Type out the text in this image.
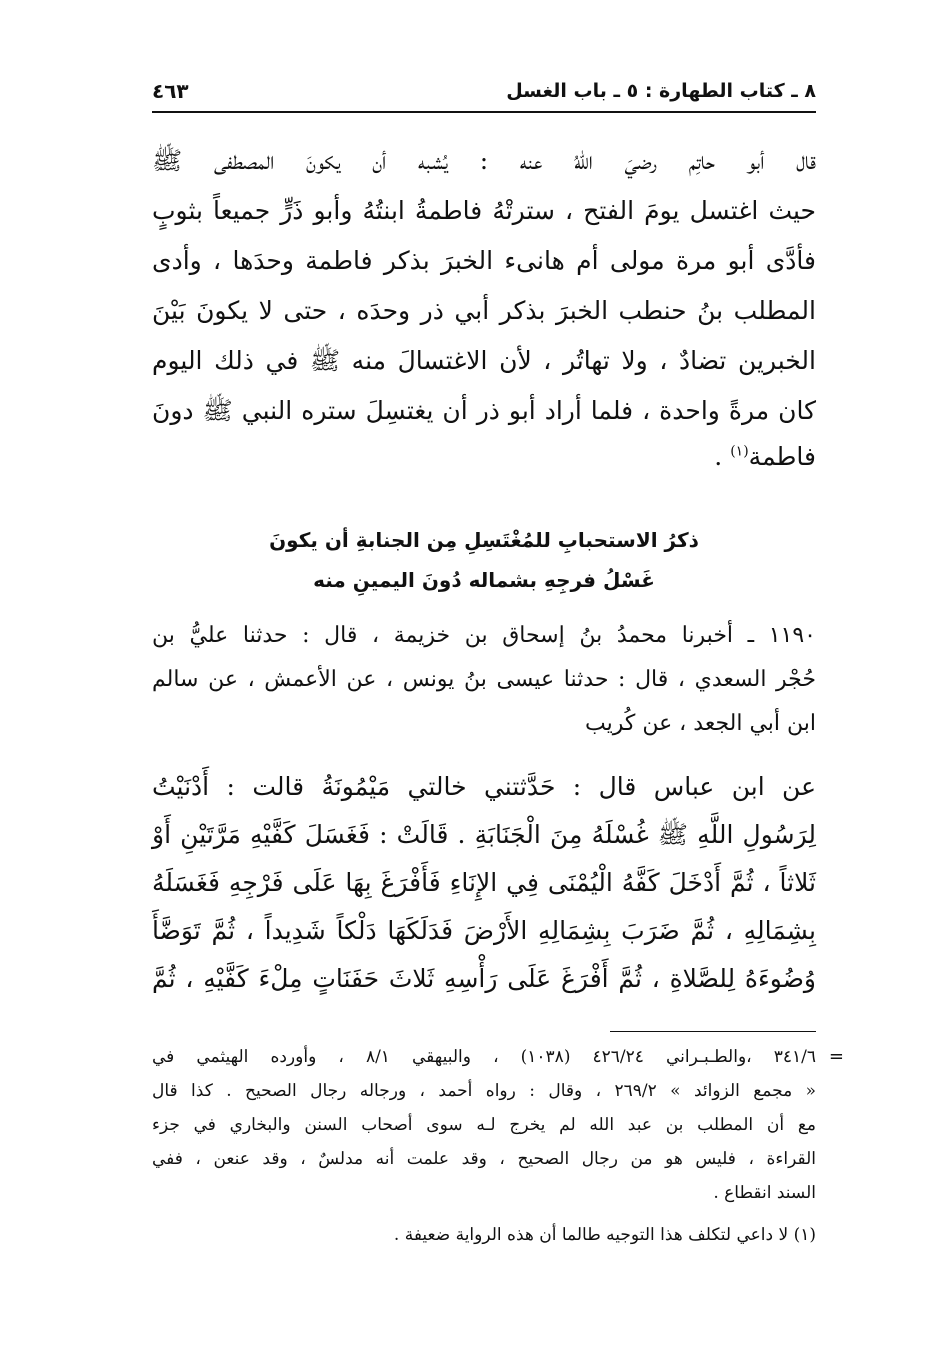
٨ ـ كتاب الطهارة : ٥ ـ باب الغسل
٤٦٣
قال أبو حاتِم رضيَ اللّهُ عنه : يُشبه أن يكونَ المصطفى ﷺ
حيث اغتسل يومَ الفتح ، سترتْهُ فاطمةُ ابنتُهُ وأبو ذَرٍّ جميعاً بثوبٍ
فأدَّى أبو مرة مولى أم هانىء الخبرَ بذكر فاطمة وحدَها ، وأدى
المطلب بنُ حنطب الخبرَ بذكر أبي ذر وحدَه ، حتى لا يكونَ بَيْنَ
الخبرين تضادٌ ، ولا تهاتُر ، لأن الاغتسالَ منه ﷺ في ذلك اليوم
كان مرةً واحدة ، فلما أراد أبو ذر أن يغتسِلَ ستره النبي ﷺ دونَ
فاطمة$^{(١)}$ .
ذكرُ الاستحبابِ للمُغْتَسِلِ مِن الجنابةِ أن يكونَ
غَسْلُ فرجِهِ بشماله دُونَ اليمينِ منه
١١٩٠ ـ أخبرنا محمدُ بنُ إسحاق بن خزيمة ، قال : حدثنا عليُّ بن
حُجْر السعدي ، قال : حدثنا عيسى بنُ يونس ، عن الأعمش ، عن سالم
ابن أبي الجعد ، عن كُريب
عن ابن عباس قال : حَدَّثتني خالتي مَيْمُونَةُ قالت : أَدْنَيْتُ
لِرَسُولِ اللَّهِ ﷺ غُسْلَهُ مِنَ الْجَنَابَةِ . قَالَتْ : فَغَسَلَ كَفَّيْهِ مَرَّتَيْنِ أَوْ
ثَلاثاً ، ثُمَّ أَدْخَلَ كَفَّهُ الْيُمْنَى فِي الإِنَاءِ فَأَفْرَغَ بِهَا عَلَى فَرْجِهِ فَغَسَلَهُ
بِشِمَالِهِ ، ثُمَّ ضَرَبَ بِشِمَالِهِ الأَرْضَ فَدَلَكَهَا دَلْكاً شَدِيداً ، ثُمَّ تَوَضَّأَ
وُضُوءَهُ لِلصَّلاةِ ، ثُمَّ أَفْرَغَ عَلَى رَأْسِهِ ثَلاثَ حَفَنَاتٍ مِلْءَ كَفَّيْهِ ، ثُمَّ
=
٣٤١/٦ ،والطـبـراني ٤٢٦/٢٤ (١٠٣٨) ، والبيهقي ٨/١ ، وأورده الهيثمي في
« مجمع الزوائد » ٢٦٩/٢ ، وقال : رواه أحمد ، ورجاله رجال الصحيح . كذا قال
مع أن المطلب بن عبد الله لم يخرج لـه سوى أصحاب السنن والبخاري في جزء
القراءة ، فليس هو من رجال الصحيح ، وقد علمت أنه مدلسٌ ، وقد عنعن ، ففي
السند انقطاع .
(١) لا داعي لتكلف هذا التوجيه طالما أن هذه الرواية ضعيفة .
